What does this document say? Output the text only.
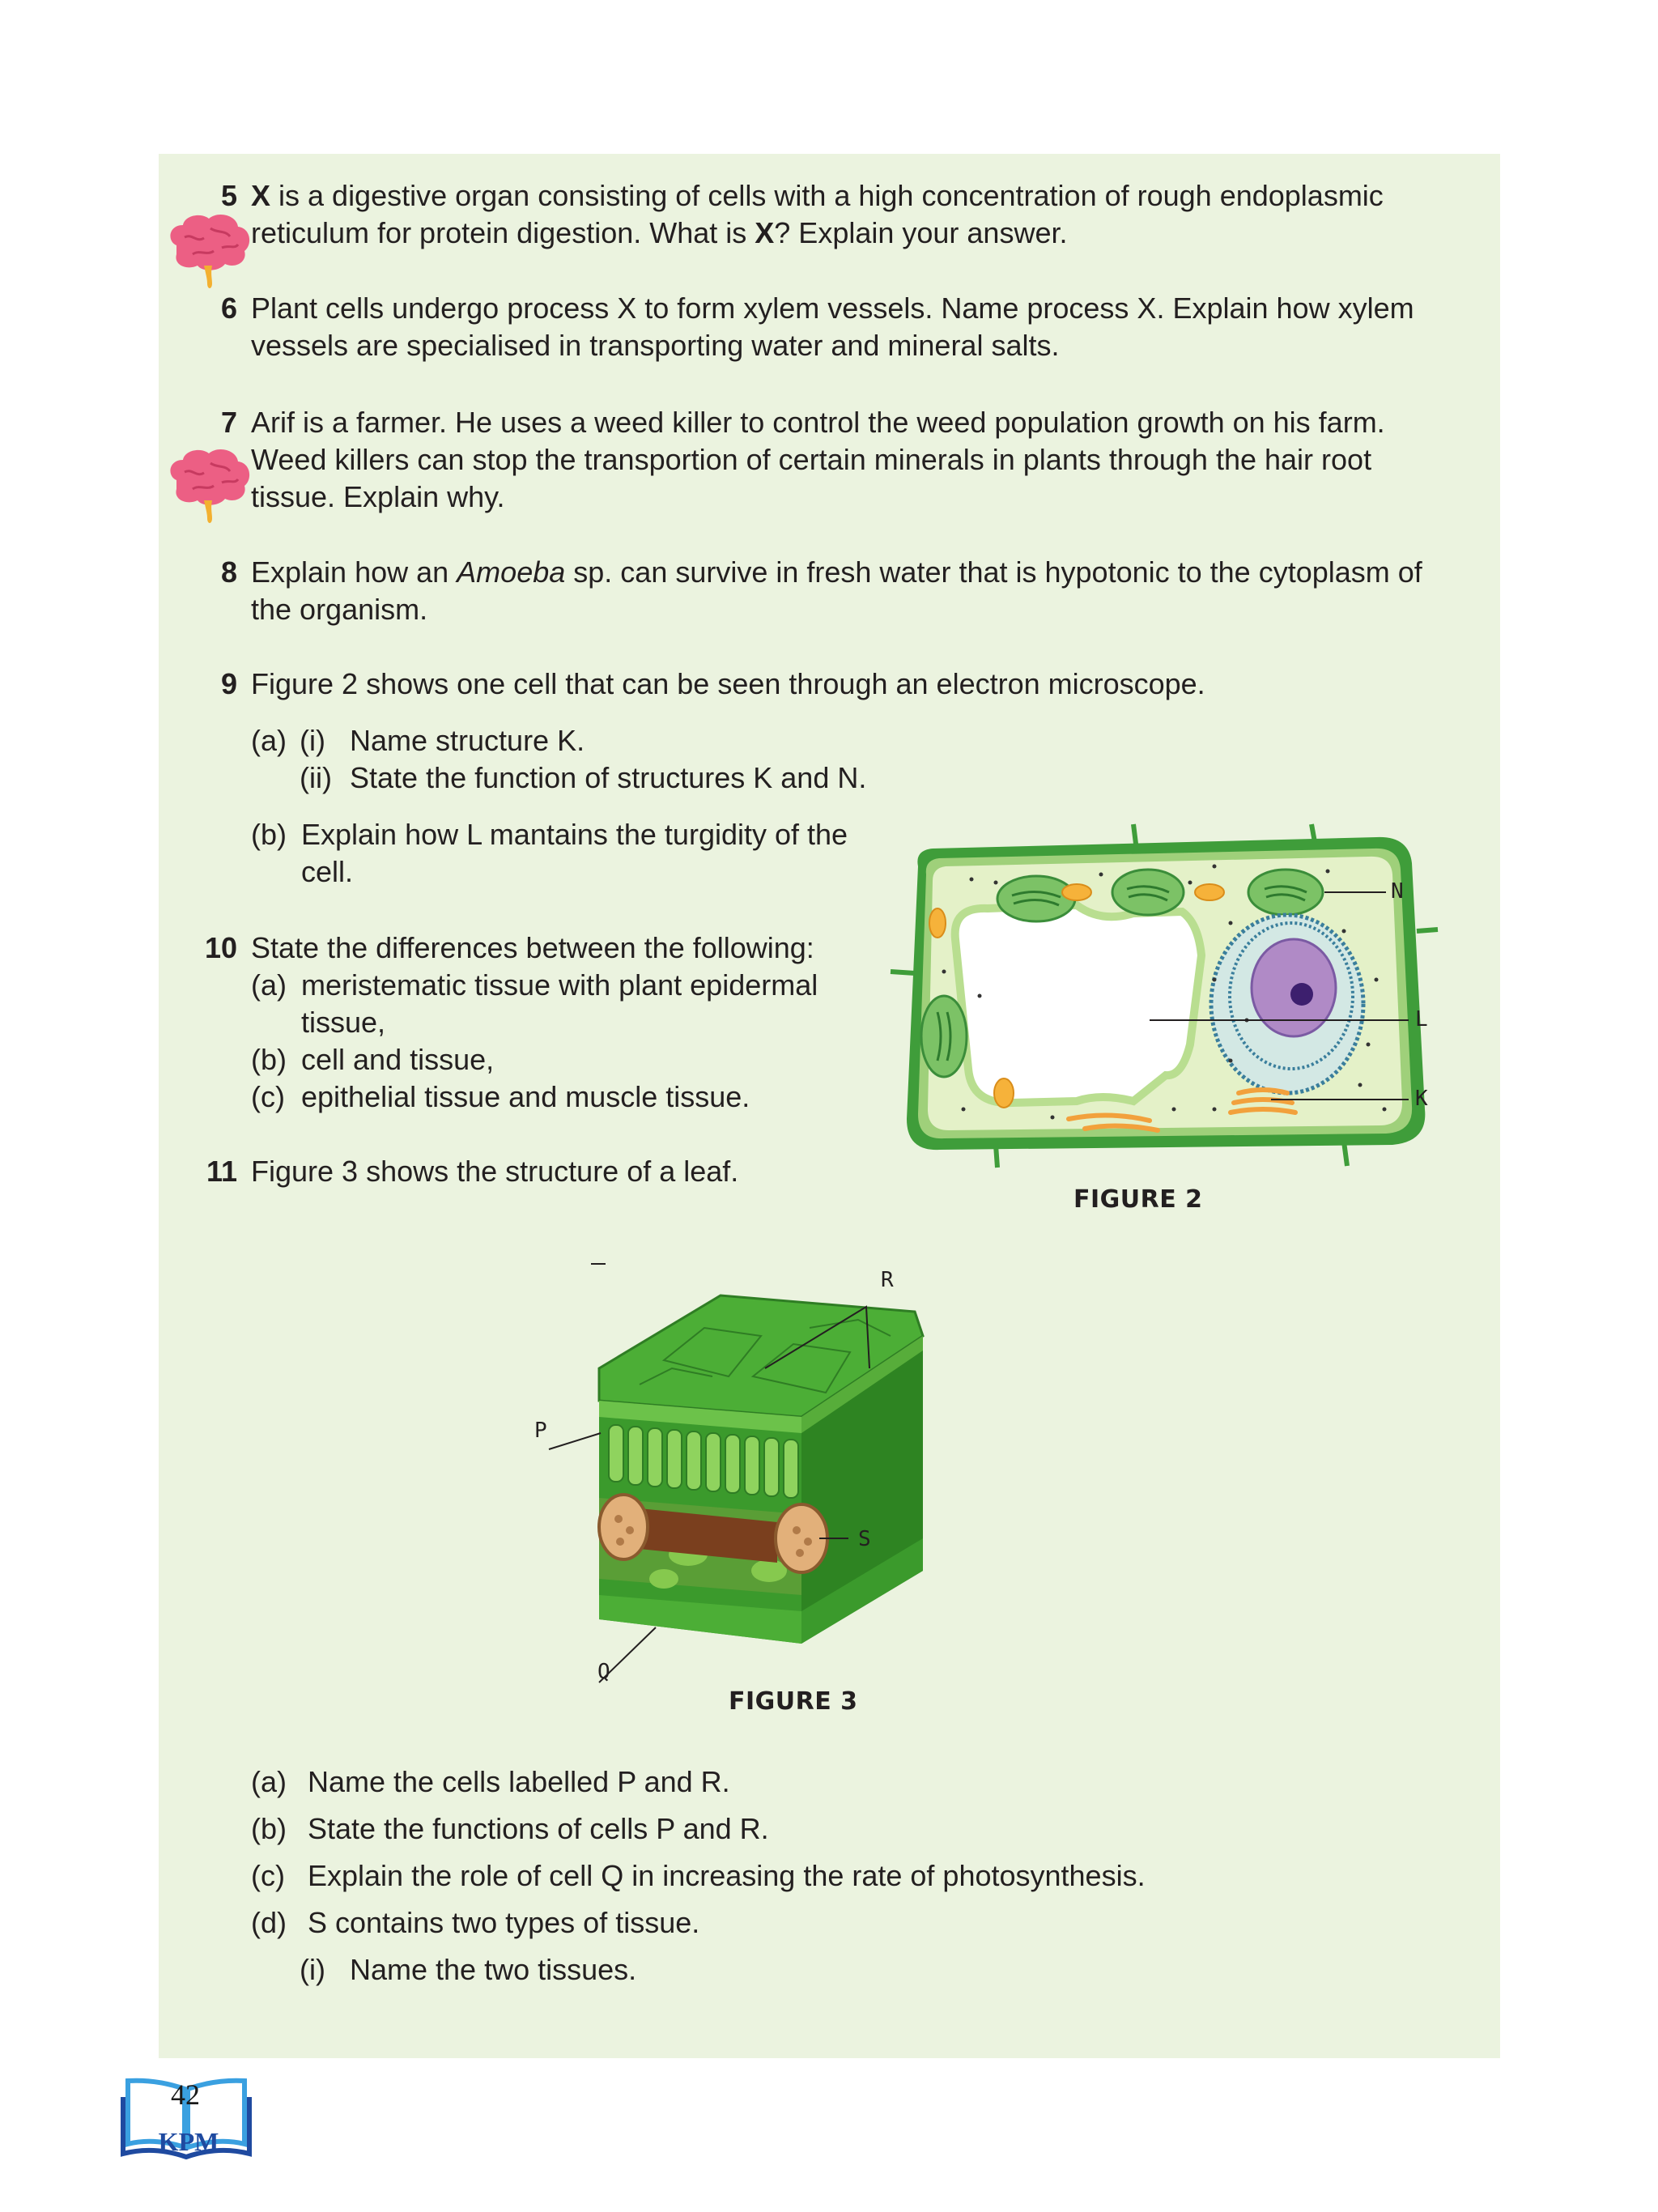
5 X is a digestive organ consisting of cells with a high concentration of rough endoplasmic
reticulum for protein digestion. What is X? Explain your answer.
6 Plant cells undergo process X to form xylem vessels. Name process X. Explain how xylem
vessels are specialised in transporting water and mineral salts.
7 Arif is a farmer. He uses a weed killer to control the weed population growth on his farm.
Weed killers can stop the transportion of certain minerals in plants through the hair root
tissue. Explain why.
8 Explain how an Amoeba sp. can survive in fresh water that is hypotonic to the cytoplasm of
the organism.
9 Figure 2 shows one cell that can be seen through an electron microscope.
(a) (i) Name structure K.
(ii) State the function of structures K and N.
(b) Explain how L mantains the turgidity of the
cell.
10 State the differences between the following:
(a) meristematic tissue with plant epidermal
tissue,
(b) cell and tissue,
(c) epithelial tissue and muscle tissue.
11 Figure 3 shows the structure of a leaf.
N
L
K
FIGURE 2
R
P
S
Q
FIGURE 3
(a) Name the cells labelled P and R.
(b) State the functions of cells P and R.
(c) Explain the role of cell Q in increasing the rate of photosynthesis.
(d) S contains two types of tissue.
(i) Name the two tissues.
42
KPM
